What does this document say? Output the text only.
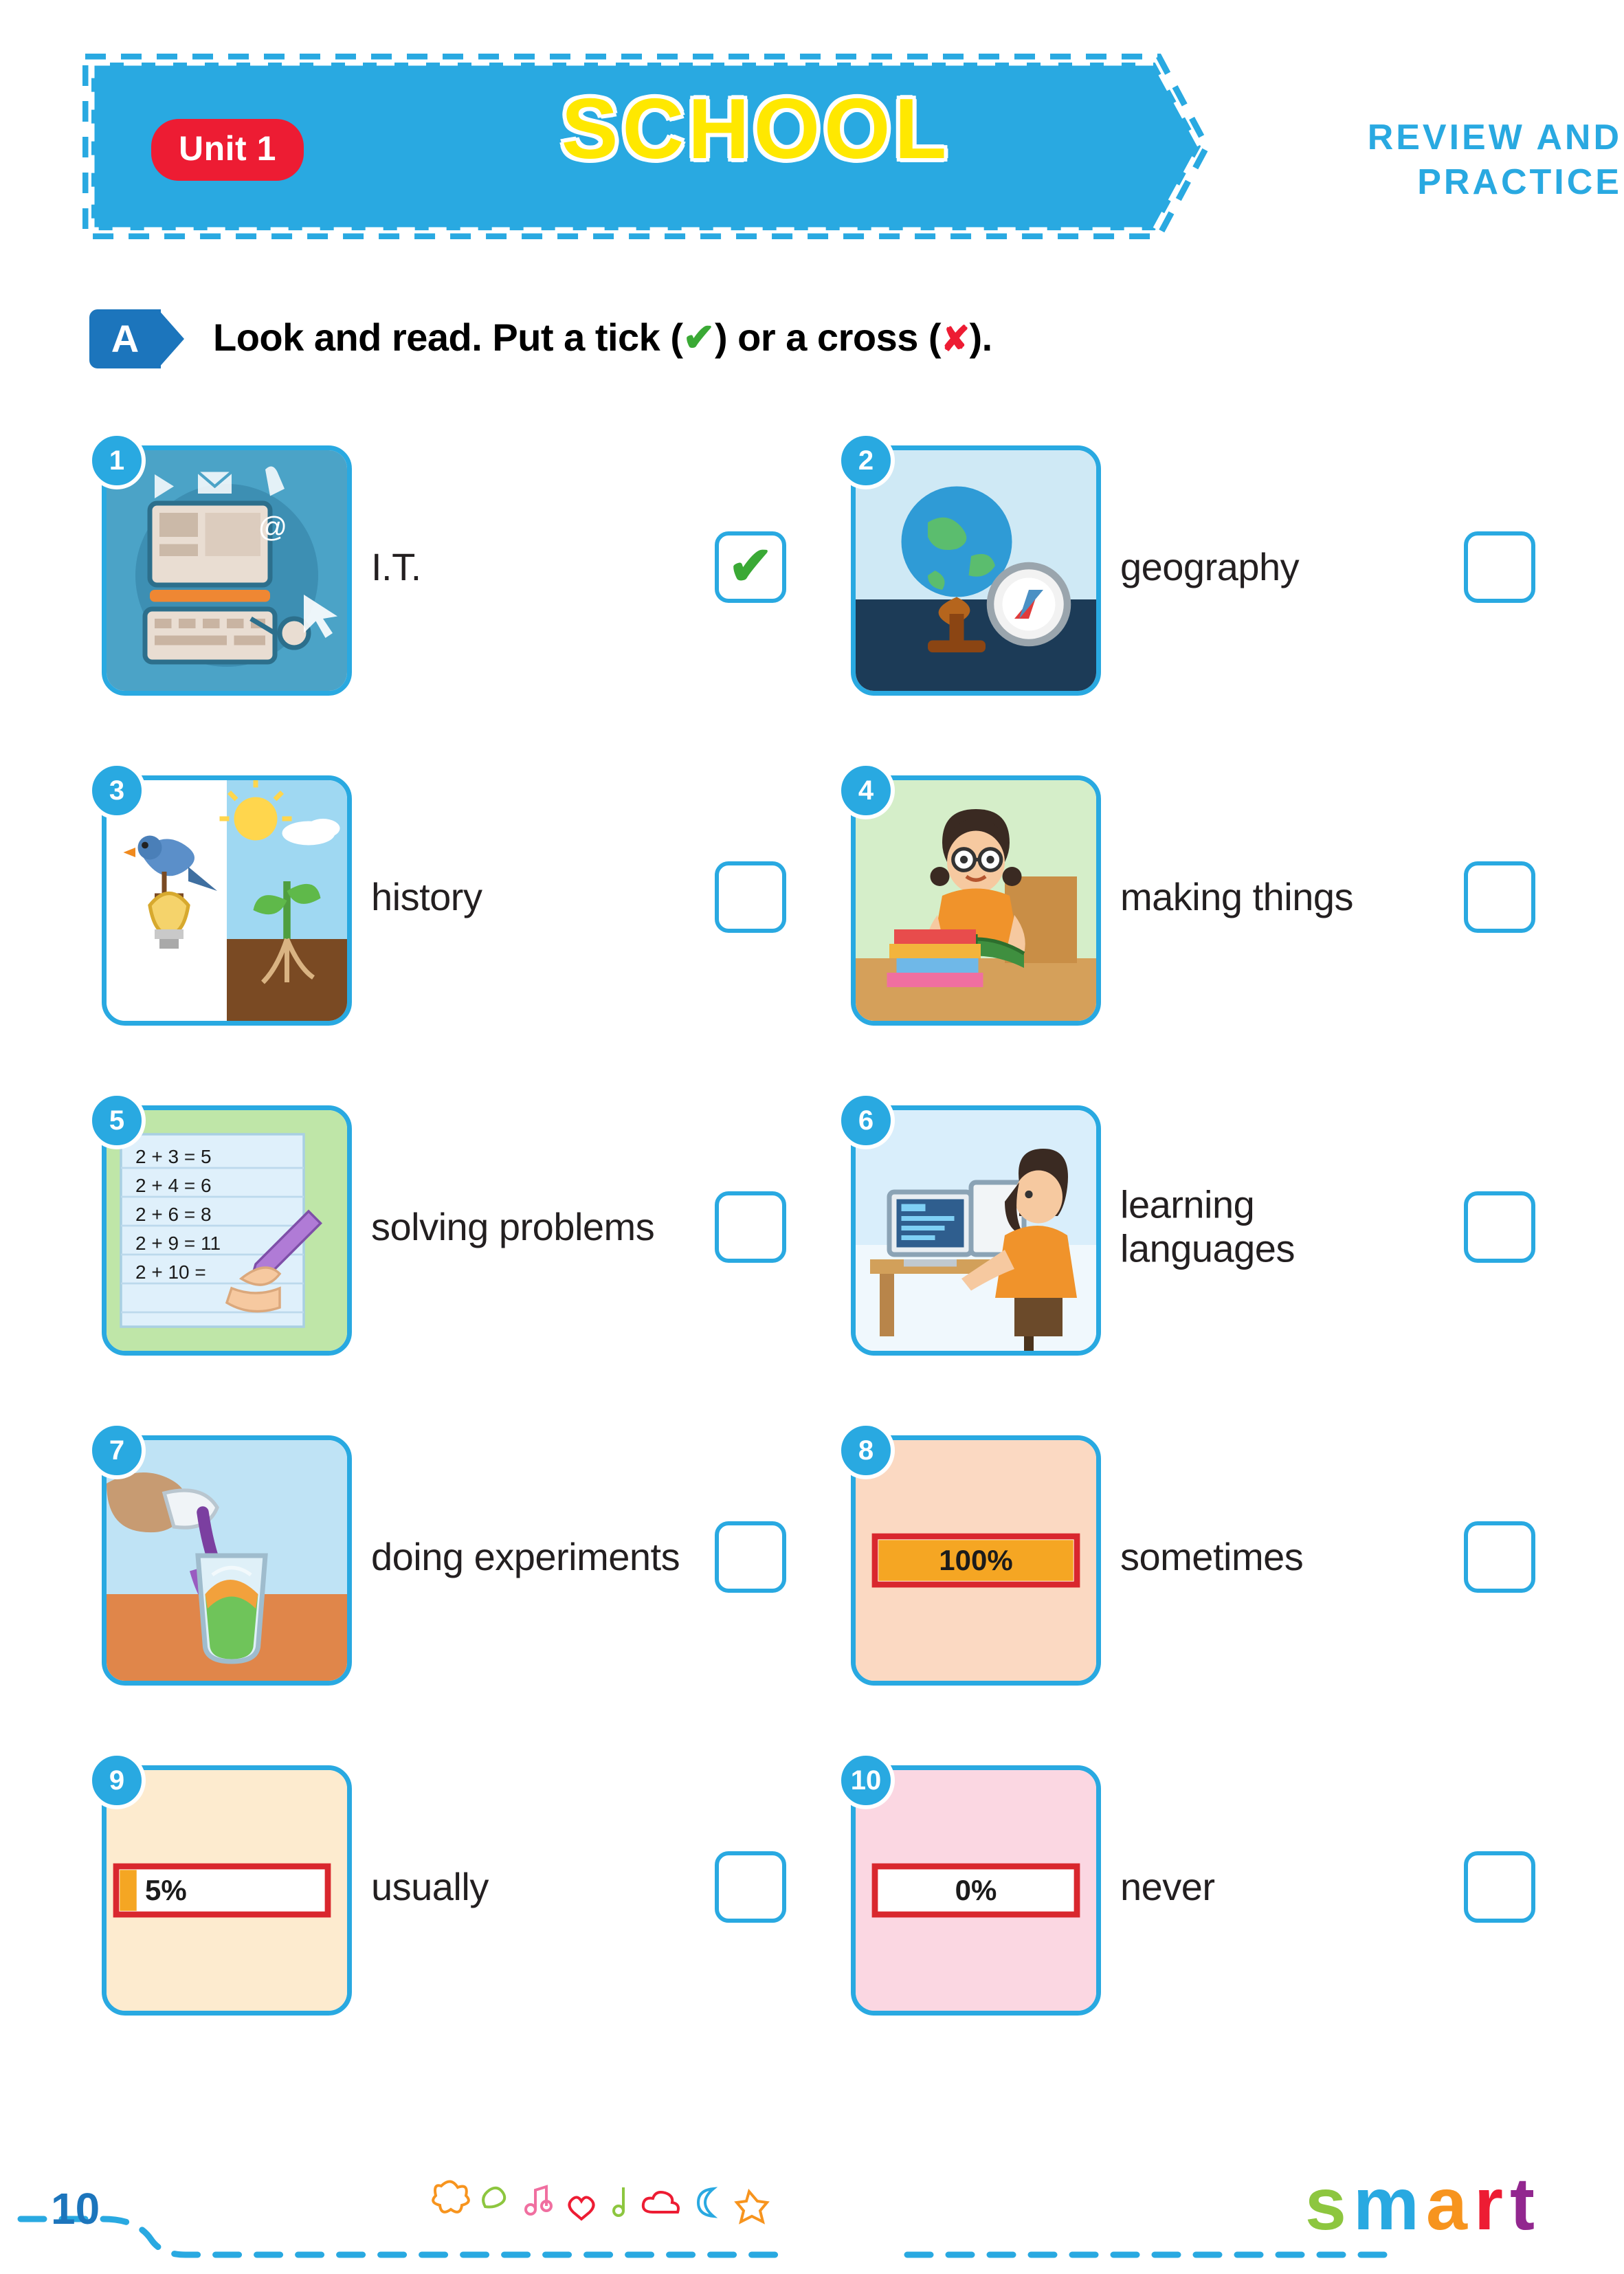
Unit 1	SCHOOL	REVIEW AND PRACTICE
A	Look and read. Put a tick (✔) or a cross (✘).
@
1
I.T.	✔
2
geography
3
history
4
making things
2 + 3 = 5
2 + 4 = 6
2 + 6 = 8
2 + 9 = 11
2 + 10 =
5
solving problems
6
learning languages
7
doing experiments	100%
8
sometimes
5%
9
usually	0%
10
never
10	smart
